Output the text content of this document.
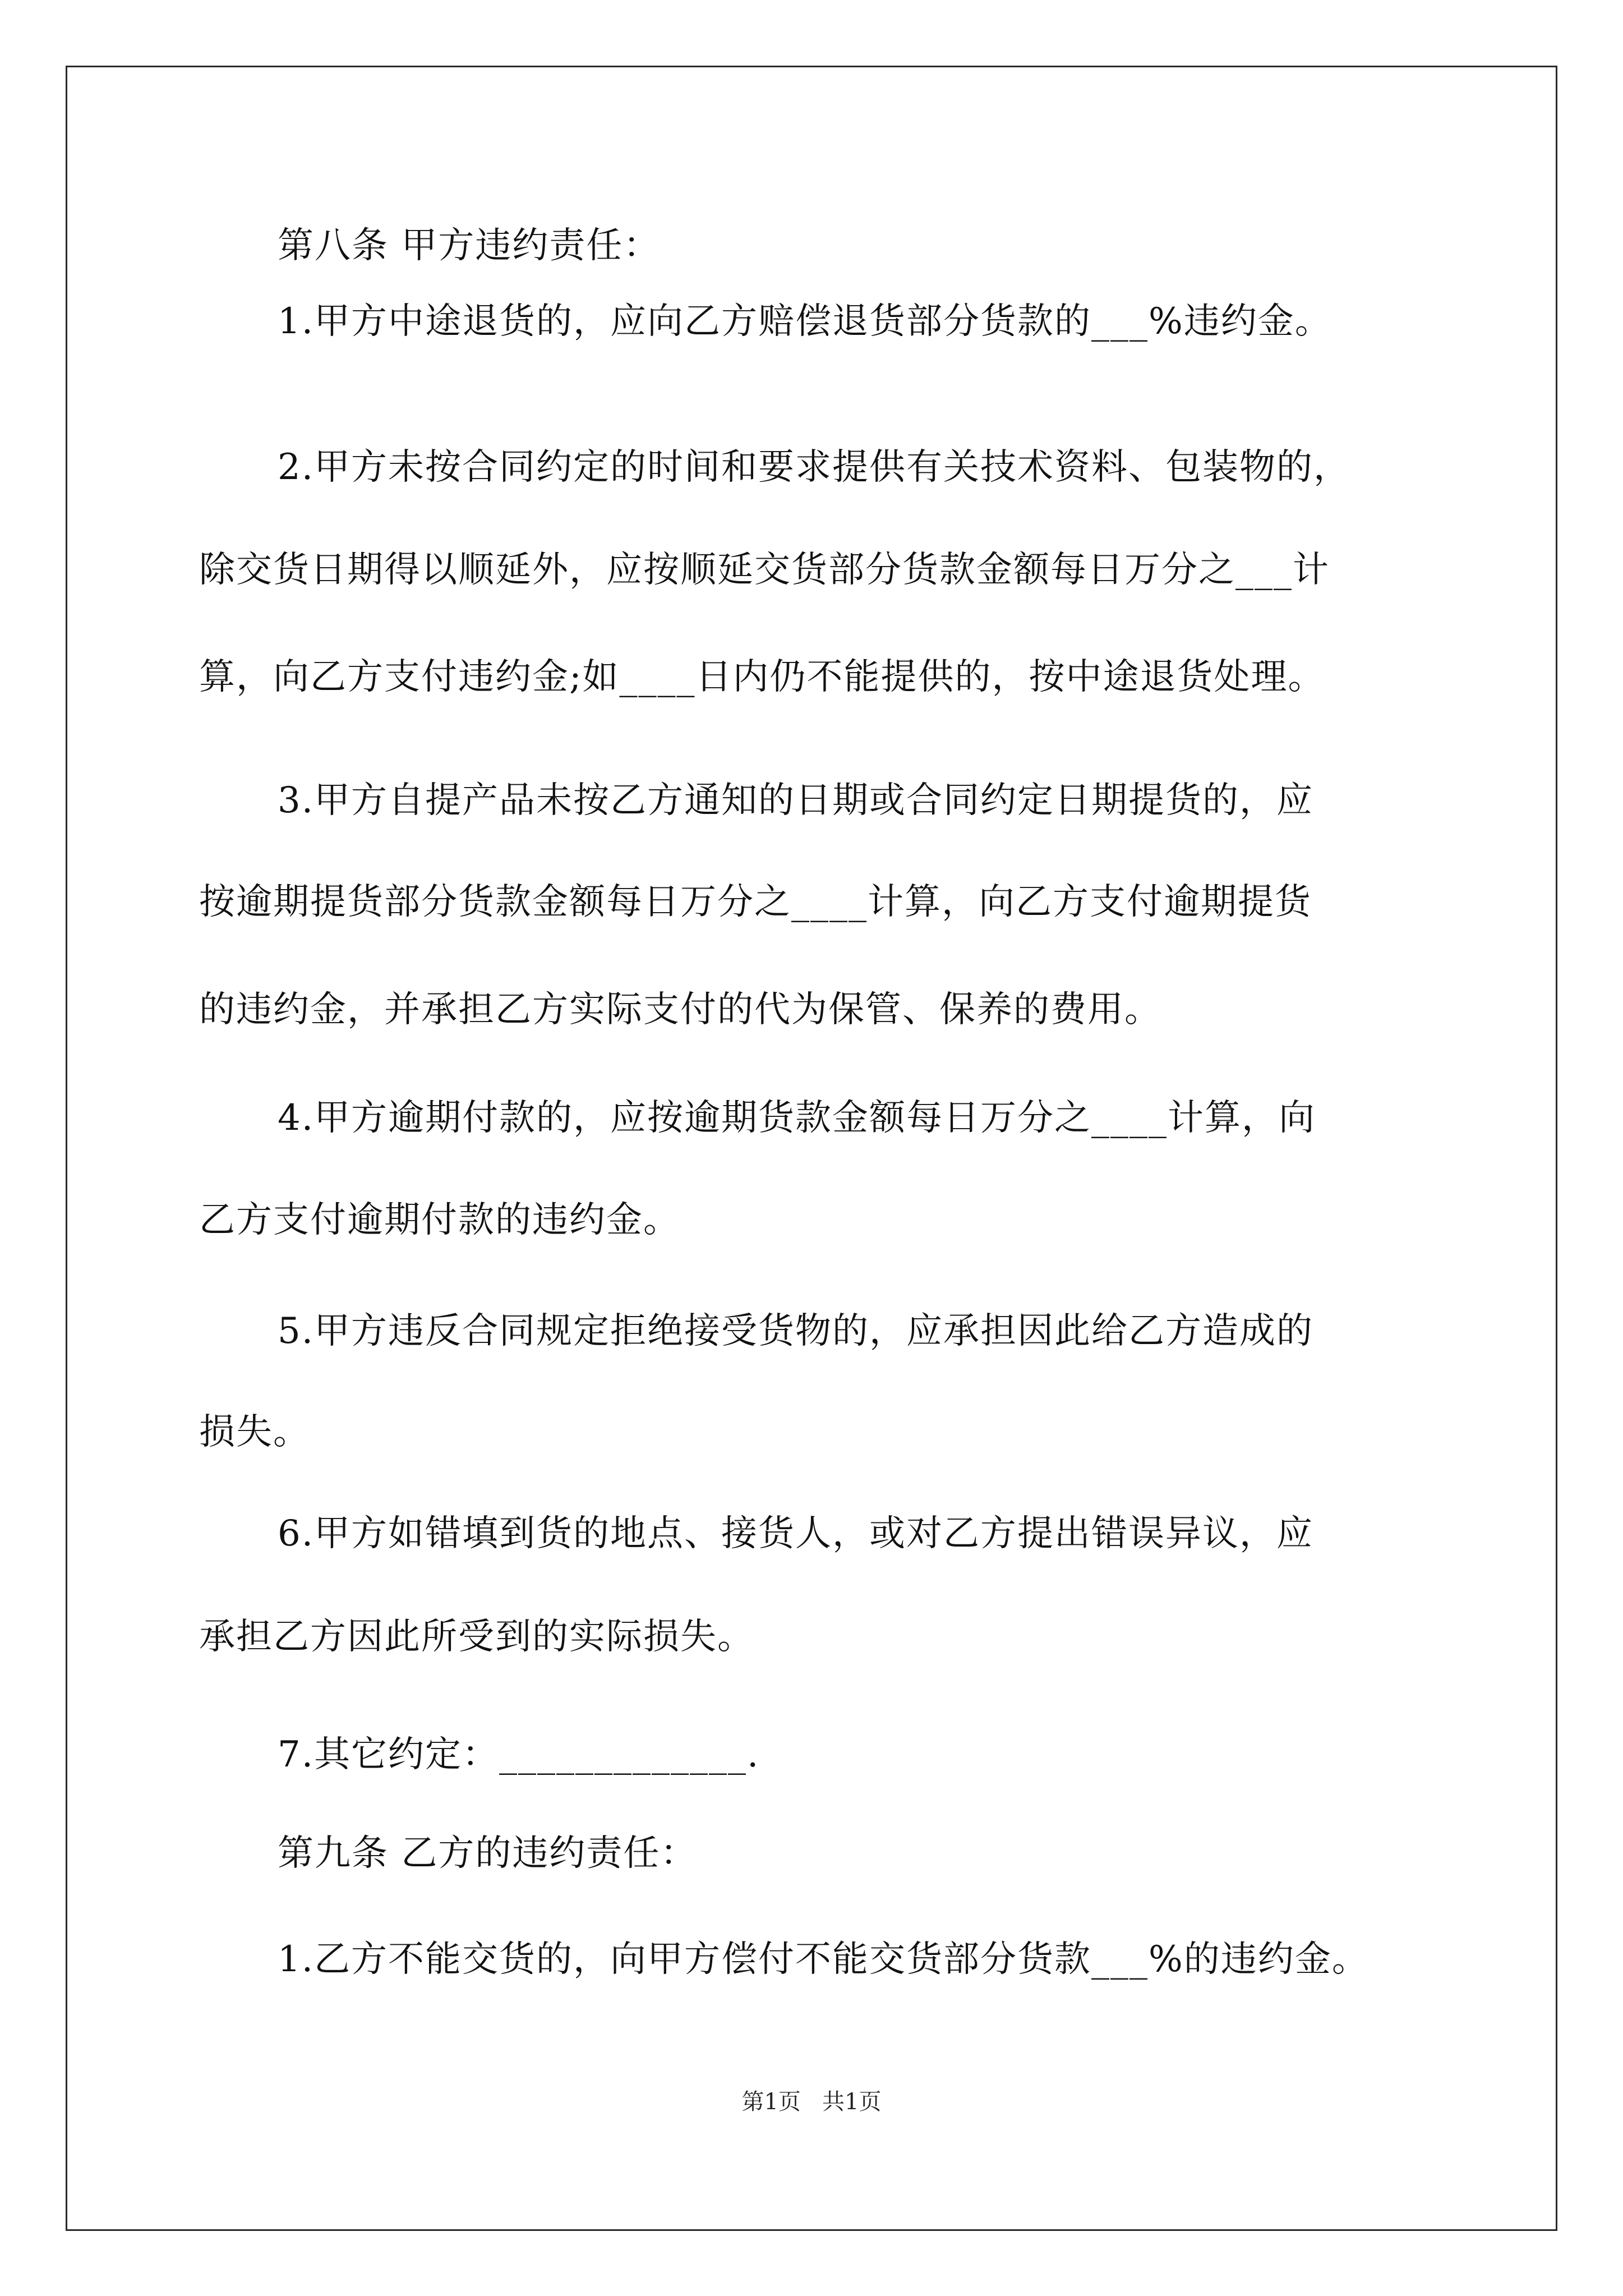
第八条 甲方违约责任：
1.甲方中途退货的，应向乙方赔偿退货部分货款的___%违约金。
2.甲方未按合同约定的时间和要求提供有关技术资料、包装物的，
除交货日期得以顺延外，应按顺延交货部分货款金额每日万分之___计
算，向乙方支付违约金;如____日内仍不能提供的，按中途退货处理。
3.甲方自提产品未按乙方通知的日期或合同约定日期提货的，应
按逾期提货部分货款金额每日万分之____计算，向乙方支付逾期提货
的违约金，并承担乙方实际支付的代为保管、保养的费用。
4.甲方逾期付款的，应按逾期货款金额每日万分之____计算，向
乙方支付逾期付款的违约金。
5.甲方违反合同规定拒绝接受货物的，应承担因此给乙方造成的
损失。
6.甲方如错填到货的地点、接货人，或对乙方提出错误异议，应
承担乙方因此所受到的实际损失。
7.其它约定：_____________.
第九条 乙方的违约责任：
1.乙方不能交货的，向甲方偿付不能交货部分货款___%的违约金。
第1页   共1页
